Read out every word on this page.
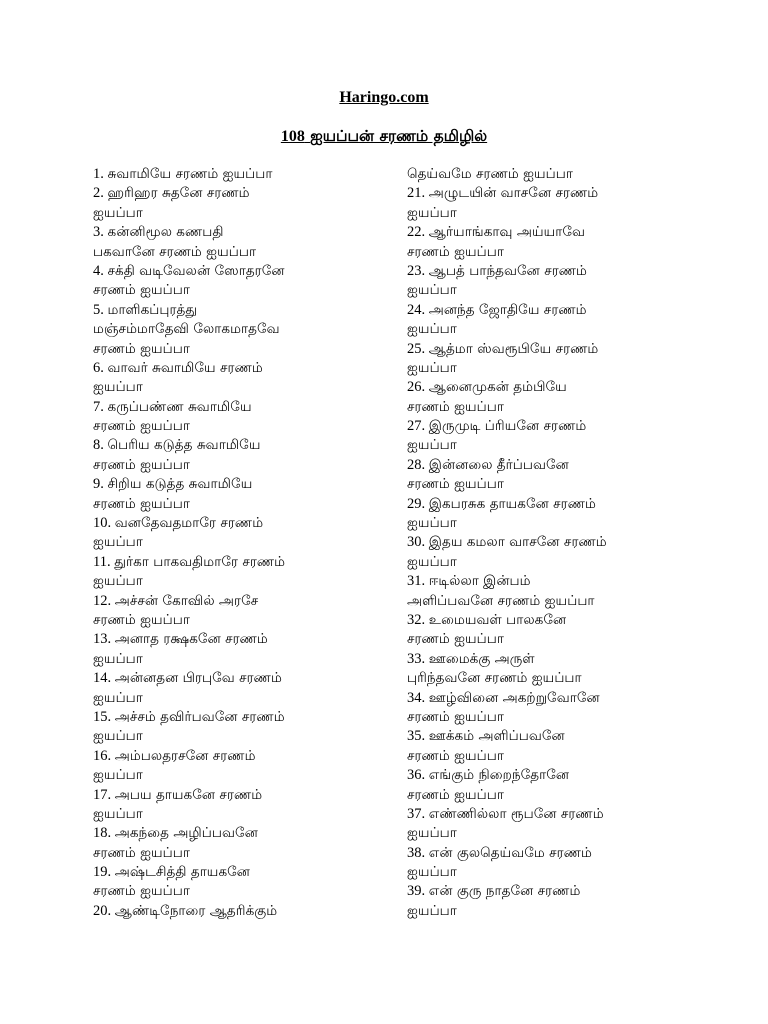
Haringo.com
108 ஐயப்பன் சரணம் தமிழில்
1. சுவாமியே சரணம் ஐயப்பா
2. ஹரிஹர சுதனே சரணம்
ஐயப்பா
3. கன்னிமூல கணபதி
பகவானே சரணம் ஐயப்பா
4. சக்தி வடிவேலன் ஸோதரனே
சரணம் ஐயப்பா
5. மாளிகப்புரத்து
மஞ்சம்மாதேவி லோகமாதவே
சரணம் ஐயப்பா
6. வாவர் சுவாமியே சரணம்
ஐயப்பா
7. கருப்பண்ண சுவாமியே
சரணம் ஐயப்பா
8. பெரிய கடுத்த சுவாமியே
சரணம் ஐயப்பா
9. சிறிய கடுத்த சுவாமியே
சரணம் ஐயப்பா
10. வனதேவதமாரே சரணம்
ஐயப்பா
11. துர்கா பாகவதிமாரே சரணம்
ஐயப்பா
12. அச்சன் கோவில் அரசே
சரணம் ஐயப்பா
13. அனாத ரக்ஷகனே சரணம்
ஐயப்பா
14. அன்னதன பிரபுவே சரணம்
ஐயப்பா
15. அச்சம் தவிர்பவனே சரணம்
ஐயப்பா
16. அம்பலதரசனே சரணம்
ஐயப்பா
17. அபய தாயகனே சரணம்
ஐயப்பா
18. அகந்தை அழிப்பவனே
சரணம் ஐயப்பா
19. அஷ்டசித்தி தாயகனே
சரணம் ஐயப்பா
20. ஆண்டிநோரை ஆதரிக்கும்
தெய்வமே சரணம் ஐயப்பா
21. அழுடயின் வாசனே சரணம்
ஐயப்பா
22. ஆர்யாங்காவு அய்யாவே
சரணம் ஐயப்பா
23. ஆபத் பாந்தவனே சரணம்
ஐயப்பா
24. அனந்த ஜோதியே சரணம்
ஐயப்பா
25. ஆத்மா ஸ்வரூபியே சரணம்
ஐயப்பா
26. ஆனைமுகன் தம்பியே
சரணம் ஐயப்பா
27. இருமுடி ப்ரியனே சரணம்
ஐயப்பா
28. இன்னலை தீர்ப்பவனே
சரணம் ஐயப்பா
29. இகபரசுக தாயகனே சரணம்
ஐயப்பா
30. இதய கமலா வாசனே சரணம்
ஐயப்பா
31. ஈடில்லா இன்பம்
அளிப்பவனே சரணம் ஐயப்பா
32. உமையவள் பாலகனே
சரணம் ஐயப்பா
33. ஊமைக்கு அருள்
புரிந்தவனே சரணம் ஐயப்பா
34. ஊழ்வினை அகற்றுவோனே
சரணம் ஐயப்பா
35. ஊக்கம் அளிப்பவனே
சரணம் ஐயப்பா
36. எங்கும் நிறைந்தோனே
சரணம் ஐயப்பா
37. எண்ணில்லா ரூபனே சரணம்
ஐயப்பா
38. என் குலதெய்வமே சரணம்
ஐயப்பா
39. என் குரு நாதனே சரணம்
ஐயப்பா
